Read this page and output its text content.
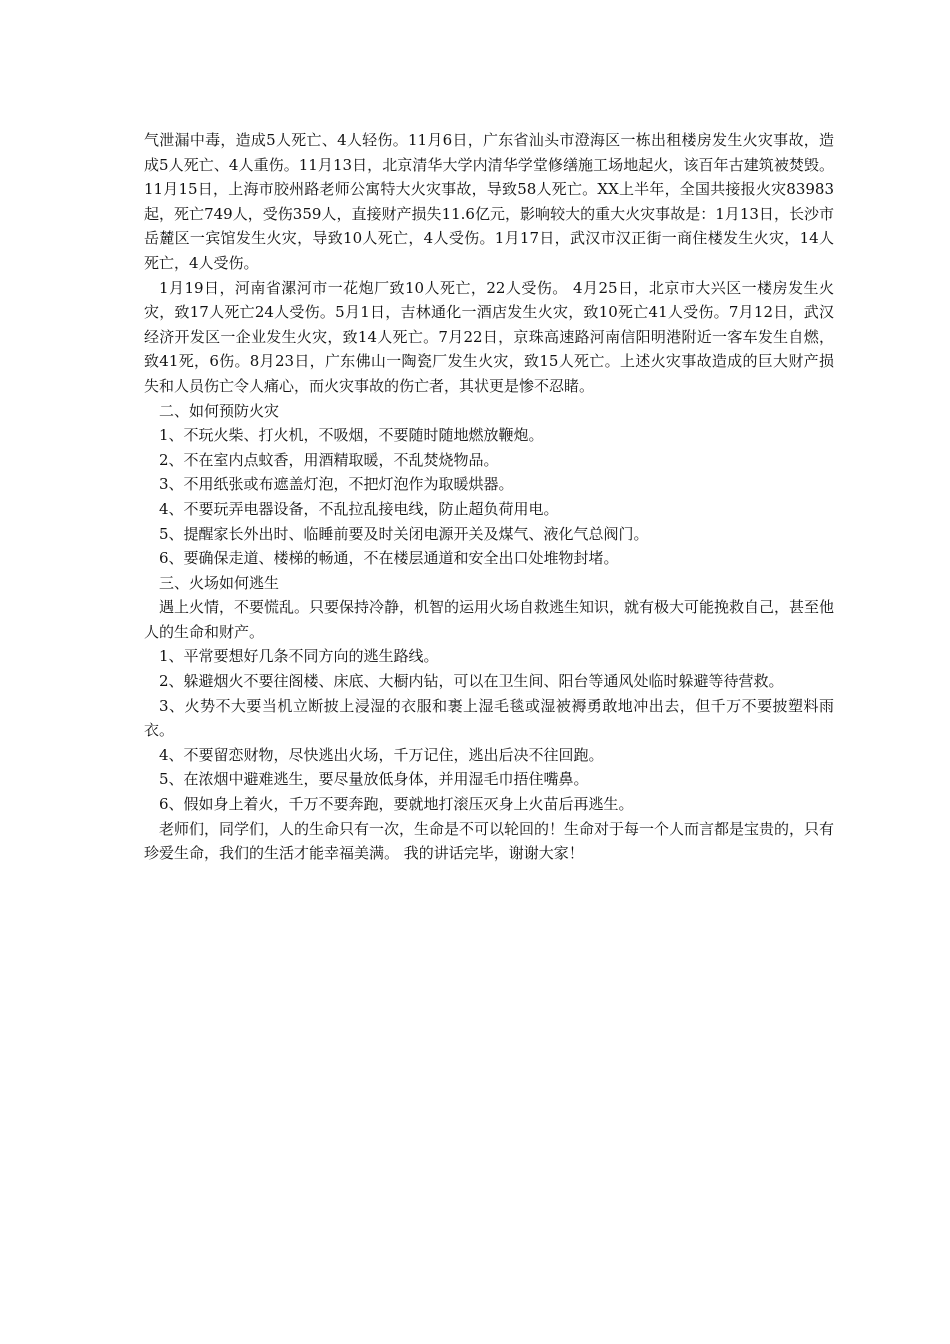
气泄漏中毒，造成5人死亡、4人轻伤。11月6日，广东省汕头市澄海区一栋出租楼房发生火灾事故，造成5人死亡、4人重伤。11月13日，北京清华大学内清华学堂修缮施工场地起火，该百年古建筑被焚毁。11月15日，上海市胶州路老师公寓特大火灾事故，导致58人死亡。XX上半年，全国共接报火灾83983起，死亡749人，受伤359人，直接财产损失11.6亿元，影响较大的重大火灾事故是：1月13日，长沙市岳麓区一宾馆发生火灾，导致10人死亡，4人受伤。1月17日，武汉市汉正街一商住楼发生火灾，14人死亡，4人受伤。

1月19日，河南省漯河市一花炮厂致10人死亡，22人受伤。 4月25日，北京市大兴区一楼房发生火灾，致17人死亡24人受伤。5月1日，吉林通化一酒店发生火灾，致10死亡41人受伤。7月12日，武汉经济开发区一企业发生火灾，致14人死亡。7月22日，京珠高速路河南信阳明港附近一客车发生自燃，致41死，6伤。8月23日，广东佛山一陶瓷厂发生火灾，致15人死亡。上述火灾事故造成的巨大财产损失和人员伤亡令人痛心，而火灾事故的伤亡者，其状更是惨不忍睹。

二、如何预防火灾

1、不玩火柴、打火机，不吸烟，不要随时随地燃放鞭炮。

2、不在室内点蚊香，用酒精取暖，不乱焚烧物品。

3、不用纸张或布遮盖灯泡，不把灯泡作为取暖烘器。

4、不要玩弄电器设备，不乱拉乱接电线，防止超负荷用电。

5、提醒家长外出时、临睡前要及时关闭电源开关及煤气、液化气总阀门。

6、要确保走道、楼梯的畅通，不在楼层通道和安全出口处堆物封堵。

三、火场如何逃生

遇上火情，不要慌乱。只要保持冷静，机智的运用火场自救逃生知识，就有极大可能挽救自己，甚至他人的生命和财产。

1、平常要想好几条不同方向的逃生路线。

2、躲避烟火不要往阁楼、床底、大橱内钻，可以在卫生间、阳台等通风处临时躲避等待营救。

3、火势不大要当机立断披上浸湿的衣服和裹上湿毛毯或湿被褥勇敢地冲出去，但千万不要披塑料雨衣。

4、不要留恋财物，尽快逃出火场，千万记住，逃出后决不往回跑。

5、在浓烟中避难逃生，要尽量放低身体，并用湿毛巾捂住嘴鼻。

6、假如身上着火，千万不要奔跑，要就地打滚压灭身上火苗后再逃生。

老师们，同学们，人的生命只有一次，生命是不可以轮回的！生命对于每一个人而言都是宝贵的，只有珍爱生命，我们的生活才能幸福美满。 我的讲话完毕，谢谢大家！
